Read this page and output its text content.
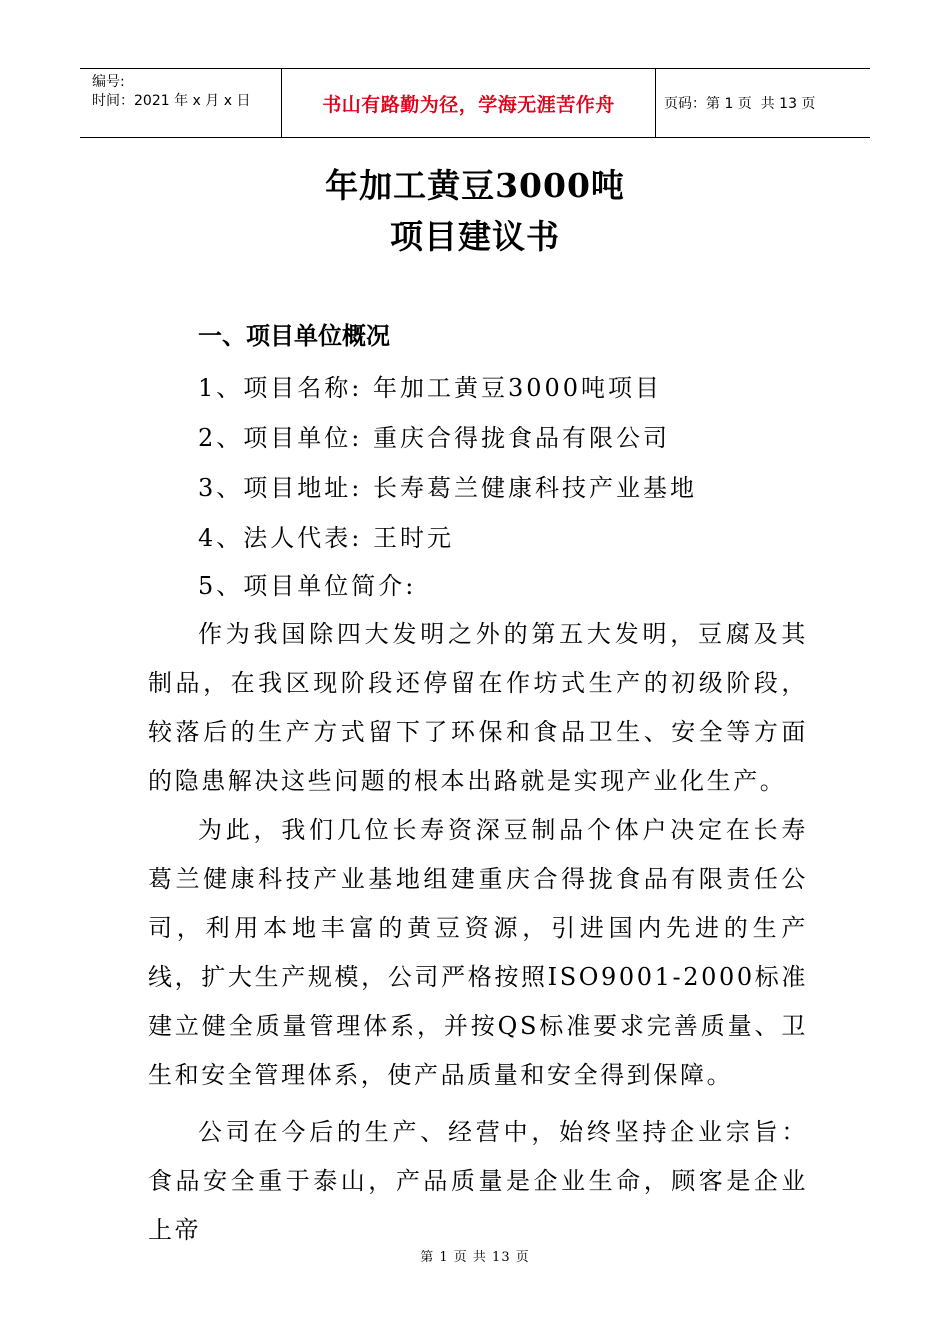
编号:
时间：2021 年 x 月 x 日	书山有路勤为径，学海无涯苦作舟	页码：第 1 页  共 13 页
年加工黄豆3000吨
项目建议书
一、项目单位概况
1、项目名称: 年加工黄豆3000吨项目
2、项目单位: 重庆合得拢食品有限公司
3、项目地址: 长寿葛兰健康科技产业基地
4、法人代表: 王时元
5、项目单位简介:

作为我国除四大发明之外的第五大发明，豆腐及其制品，在我区现阶段还停留在作坊式生产的初级阶段，较落后的生产方式留下了环保和食品卫生、安全等方面的隐患解决这些问题的根本出路就是实现产业化生产。

为此，我们几位长寿资深豆制品个体户决定在长寿葛兰健康科技产业基地组建重庆合得拢食品有限责任公司，利用本地丰富的黄豆资源，引进国内先进的生产线，扩大生产规模，公司严格按照ISO9001-2000标准建立健全质量管理体系，并按QS标准要求完善质量、卫生和安全管理体系，使产品质量和安全得到保障。

公司在今后的生产、经营中，始终坚持企业宗旨：食品安全重于泰山，产品质量是企业生命，顾客是企业上帝

第 1 页 共 13 页
